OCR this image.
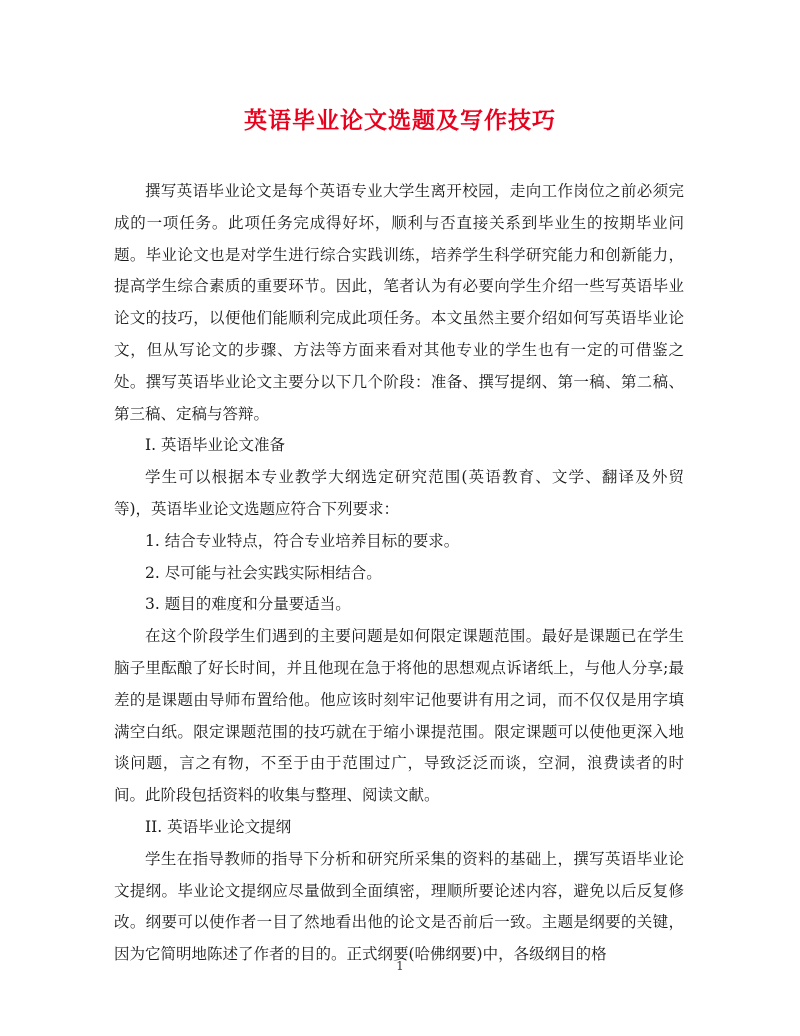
英语毕业论文选题及写作技巧

撰写英语毕业论文是每个英语专业大学生离开校园，走向工作岗位之前必须完成的一项任务。此项任务完成得好坏，顺利与否直接关系到毕业生的按期毕业问题。毕业论文也是对学生进行综合实践训练，培养学生科学研究能力和创新能力，提高学生综合素质的重要环节。因此，笔者认为有必要向学生介绍一些写英语毕业论文的技巧，以便他们能顺利完成此项任务。本文虽然主要介绍如何写英语毕业论文，但从写论文的步骤、方法等方面来看对其他专业的学生也有一定的可借鉴之处。撰写英语毕业论文主要分以下几个阶段：准备、撰写提纲、第一稿、第二稿、第三稿、定稿与答辩。

I. 英语毕业论文准备

学生可以根据本专业教学大纲选定研究范围(英语教育、文学、翻译及外贸等)，英语毕业论文选题应符合下列要求：

1. 结合专业特点，符合专业培养目标的要求。

2. 尽可能与社会实践实际相结合。

3. 题目的难度和分量要适当。

在这个阶段学生们遇到的主要问题是如何限定课题范围。最好是课题已在学生脑子里酝酿了好长时间，并且他现在急于将他的思想观点诉诸纸上，与他人分享;最差的是课题由导师布置给他。他应该时刻牢记他要讲有用之词，而不仅仅是用字填满空白纸。限定课题范围的技巧就在于缩小课提范围。限定课题可以使他更深入地谈问题，言之有物，不至于由于范围过广，导致泛泛而谈，空洞，浪费读者的时间。此阶段包括资料的收集与整理、阅读文献。

II. 英语毕业论文提纲

学生在指导教师的指导下分析和研究所采集的资料的基础上，撰写英语毕业论文提纲。毕业论文提纲应尽量做到全面缜密，理顺所要论述内容，避免以后反复修改。纲要可以使作者一目了然地看出他的论文是否前后一致。主题是纲要的关键，因为它简明地陈述了作者的目的。正式纲要(哈佛纲要)中，各级纲目的格

1
